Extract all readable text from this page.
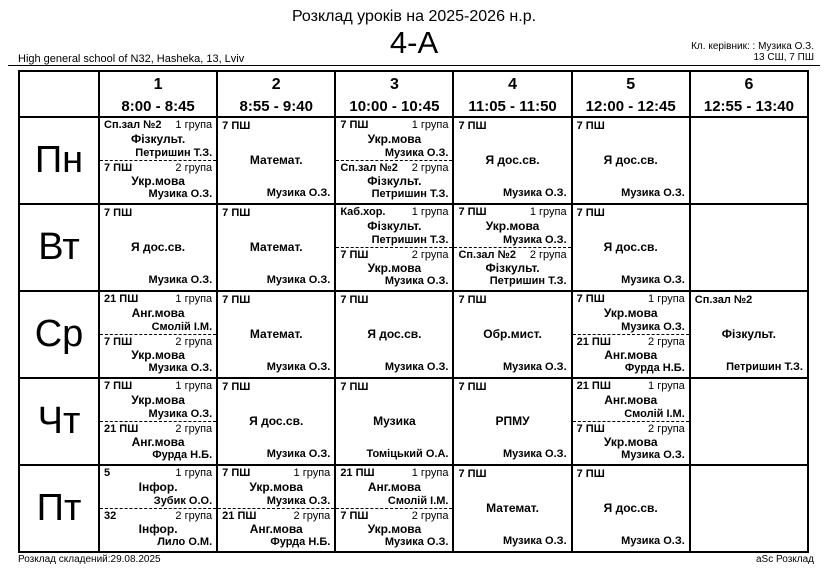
Розклад уроків на 2025-2026 н.р.
4-А
High general school of N32, Hasheka, 13, Lviv
Кл. керівник: : Музика О.З.
13 СШ, 7 ПШ

1
8:00 - 8:45

2
8:55 - 9:40

3
10:00 - 10:45

4
11:05 - 11:50

5
12:00 - 12:45

6
12:55 - 13:40

Пн	
Сп.зал №2 1 група
Фізкульт.
Петришин Т.З.
7 ПШ	2 група
Укр.мова
Музика О.З.

7 ПШ
Математ.
Музика О.З.

7 ПШ	1 група
Укр.мова
Музика О.З.
Сп.зал №2 2 група
Фізкульт.
Петришин Т.З.

7 ПШ
Я дос.св.
Музика О.З.

7 ПШ
Я дос.св.
Музика О.З.

Вт	
7 ПШ
Я дос.св.
Музика О.З.

7 ПШ
Математ.
Музика О.З.

Каб.хор. 1 група
Фізкульт.
Петришин Т.З.
7 ПШ	2 група
Укр.мова
Музика О.З.

7 ПШ	1 група
Укр.мова
Музика О.З.
Сп.зал №2 2 група
Фізкульт.
Петришин Т.З.

7 ПШ
Я дос.св.
Музика О.З.

Ср	
21 ПШ	1 група
Анг.мова
Смолій І.М.
7 ПШ	2 група
Укр.мова
Музика О.З.

7 ПШ
Математ.
Музика О.З.

7 ПШ
Я дос.св.
Музика О.З.

7 ПШ
Обр.мист.
Музика О.З.

7 ПШ	1 група
Укр.мова
Музика О.З.
21 ПШ	2 група
Анг.мова
Фурда Н.Б.

Сп.зал №2
Фізкульт.
Петришин Т.З.

Чт	
7 ПШ	1 група
Укр.мова
Музика О.З.
21 ПШ	2 група
Анг.мова
Фурда Н.Б.

7 ПШ
Я дос.св.
Музика О.З.

7 ПШ
Музика
Томіцький О.А.

7 ПШ
РПМУ
Музика О.З.

21 ПШ	1 група
Анг.мова
Смолій І.М.
7 ПШ	2 група
Укр.мова
Музика О.З.

Пт	
5	1 група
Інфор.
Зубик О.О.
32	2 група
Інфор.
Лило О.М.

7 ПШ	1 група
Укр.мова
Музика О.З.
21 ПШ	2 група
Анг.мова
Фурда Н.Б.

21 ПШ	1 група
Анг.мова
Смолій І.М.
7 ПШ	2 група
Укр.мова
Музика О.З.

7 ПШ
Математ.
Музика О.З.

7 ПШ
Я дос.св.
Музика О.З.

Розклад складений:29.08.2025	aSc Розклад
